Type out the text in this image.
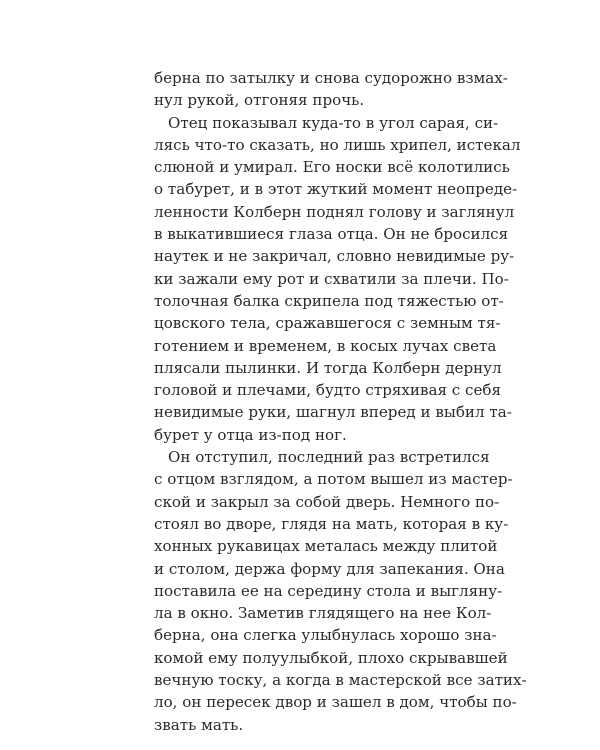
берна по затылку и снова судорожно взмах-
нул рукой, отгоняя прочь.
Отец показывал куда-то в угол сарая, си-
лясь что-то сказать, но лишь хрипел, истекал
слюной и умирал. Его носки всё колотились
о табурет, и в этот жуткий момент неопреде-
ленности Колберн поднял голову и заглянул
в выкатившиеся глаза отца. Он не бросился
наутек и не закричал, словно невидимые ру-
ки зажали ему рот и схватили за плечи. По-
толочная балка скрипела под тяжестью от-
цовского тела, сражавшегося с земным тя-
готением и временем, в косых лучах света
плясали пылинки. И тогда Колберн дернул
головой и плечами, будто стряхивая с себя
невидимые руки, шагнул вперед и выбил та-
бурет у отца из-под ног.
Он отступил, последний раз встретился
с отцом взглядом, а потом вышел из мастер-
ской и закрыл за собой дверь. Немного по-
стоял во дворе, глядя на мать, которая в ку-
хонных рукавицах металась между плитой
и столом, держа форму для запекания. Она
поставила ее на середину стола и выгляну-
ла в окно. Заметив глядящего на нее Кол-
берна, она слегка улыбнулась хорошо зна-
комой ему полуулыбкой, плохо скрывавшей
вечную тоску, а когда в мастерской все затих-
ло, он пересек двор и зашел в дом, чтобы по-
звать мать.
